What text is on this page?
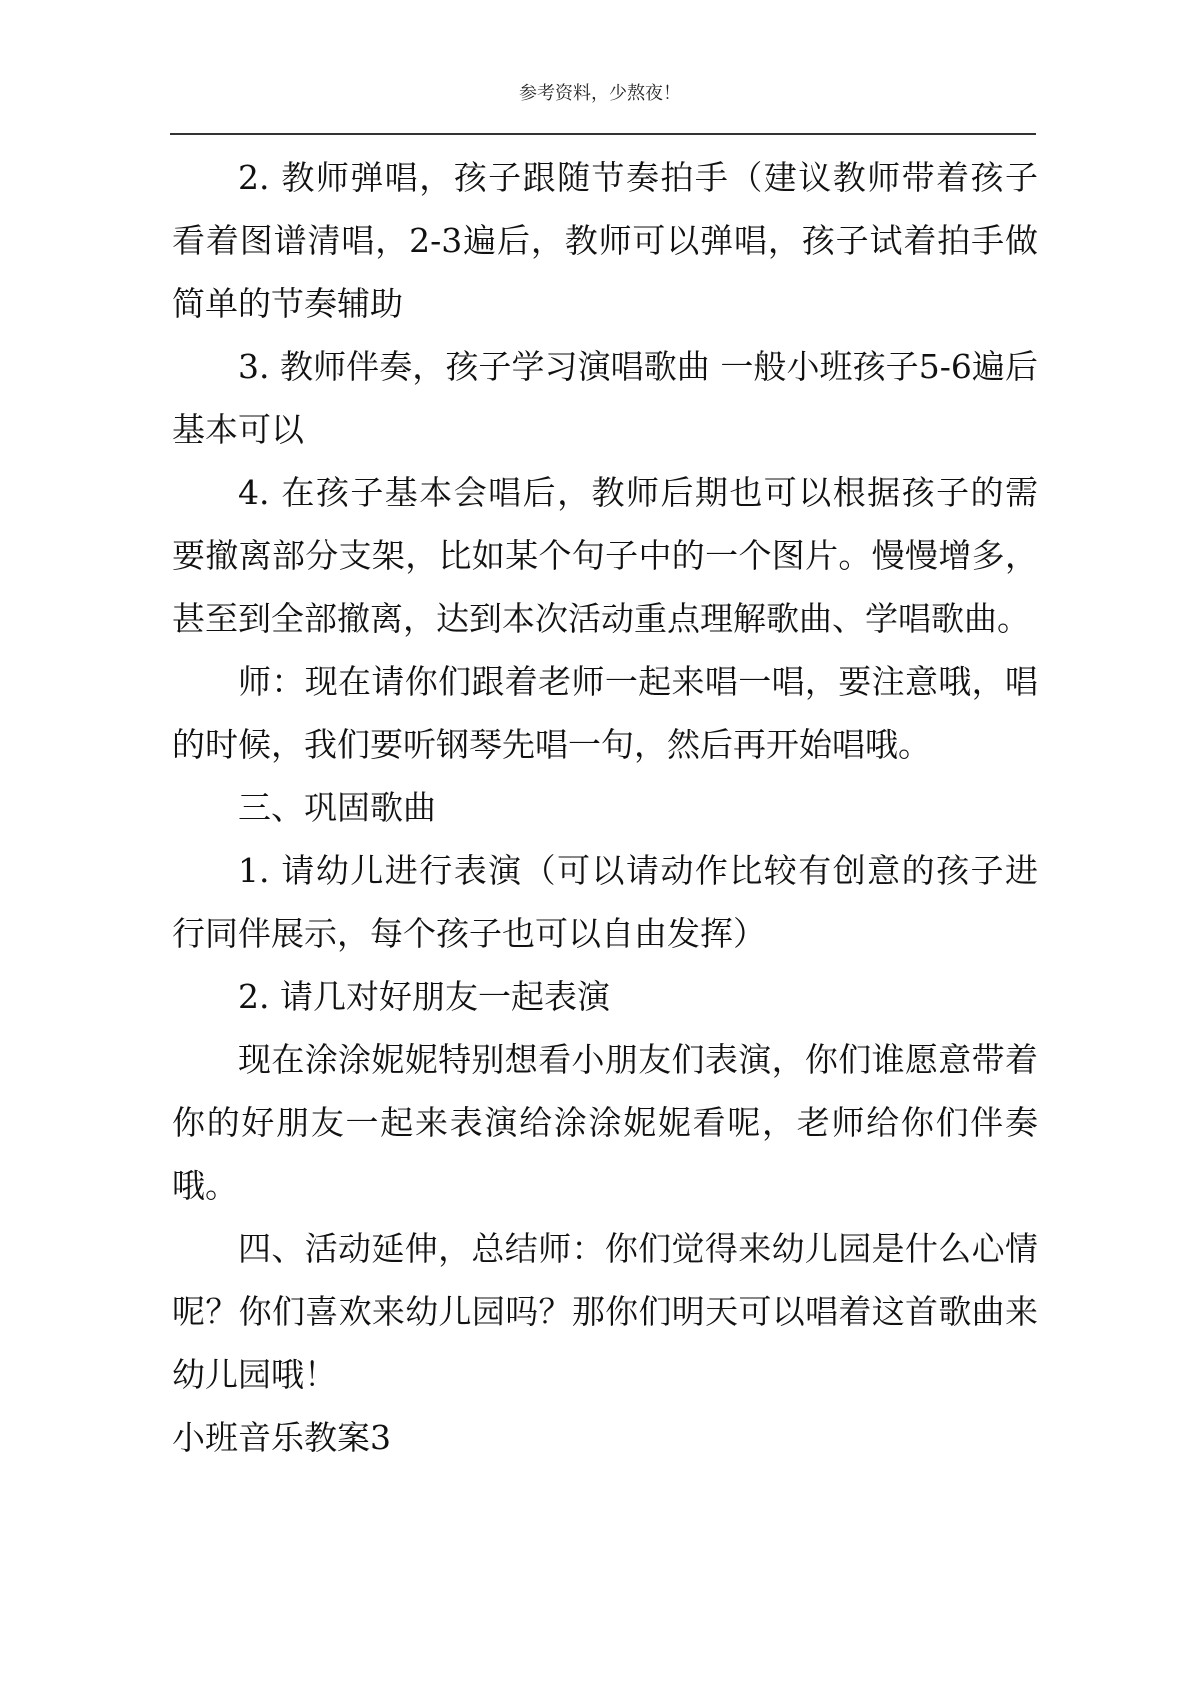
参考资料，少熬夜！

2. 教师弹唱，孩子跟随节奏拍手（建议教师带着孩子看着图谱清唱，2-3遍后，教师可以弹唱，孩子试着拍手做简单的节奏辅助

3. 教师伴奏，孩子学习演唱歌曲 一般小班孩子5-6遍后基本可以

4. 在孩子基本会唱后，教师后期也可以根据孩子的需要撤离部分支架，比如某个句子中的一个图片。慢慢增多，甚至到全部撤离，达到本次活动重点理解歌曲、学唱歌曲。

师：现在请你们跟着老师一起来唱一唱，要注意哦，唱的时候，我们要听钢琴先唱一句，然后再开始唱哦。

三、巩固歌曲

1. 请幼儿进行表演（可以请动作比较有创意的孩子进行同伴展示，每个孩子也可以自由发挥）

2. 请几对好朋友一起表演

现在涂涂妮妮特别想看小朋友们表演，你们谁愿意带着你的好朋友一起来表演给涂涂妮妮看呢，老师给你们伴奏哦。

四、活动延伸，总结师：你们觉得来幼儿园是什么心情呢？你们喜欢来幼儿园吗？那你们明天可以唱着这首歌曲来幼儿园哦！

小班音乐教案3
